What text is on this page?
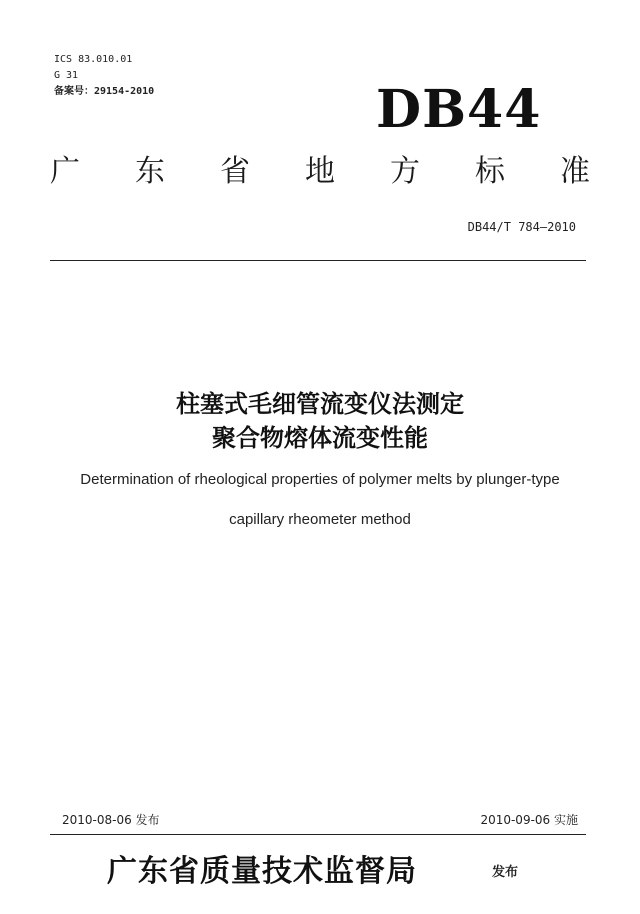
ICS 83.010.01
G 31
备案号：29154-2010	DB44
广 东 省 地 方 标 准
DB44/T 784—2010
柱塞式毛细管流变仪法测定
聚合物熔体流变性能
Determination of rheological properties of polymer melts by plunger-type
capillary rheometer method
2010-08-06 发布	2010-09-06 实施
广东省质量技术监督局	发布
